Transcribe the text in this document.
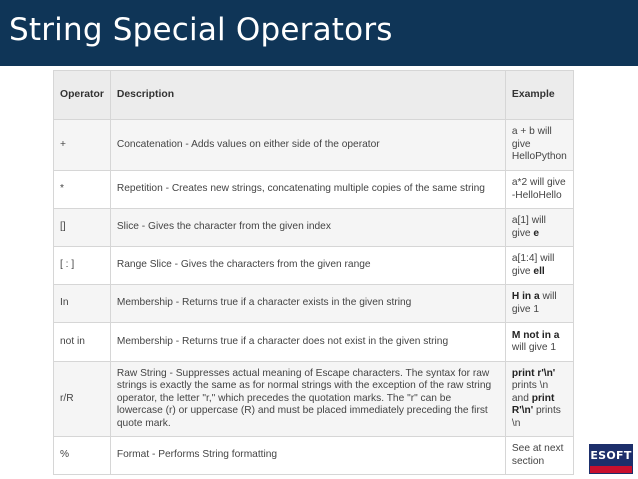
String Special Operators
Operator	Description	Example
+	Concatenation - Adds values on either side of the operator	a + b will give HelloPython
*	Repetition - Creates new strings, concatenating multiple copies of the same string	a*2 will give -HelloHello
[]	Slice - Gives the character from the given index	a[1] will give e
[ : ]	Range Slice - Gives the characters from the given range	a[1:4] will give ell
In	Membership - Returns true if a character exists in the given string	H in a will give 1
not in	Membership - Returns true if a character does not exist in the given string	M not in a will give 1
r/R	Raw String - Suppresses actual meaning of Escape characters. The syntax for raw strings is exactly the same as for normal strings with the exception of the raw string operator, the letter "r," which precedes the quotation marks. The "r" can be lowercase (r) or uppercase (R) and must be placed immediately preceding the first quote mark.	print r'\n' prints \n and print R'\n' prints \n
%	Format - Performs String formatting	See at next section	ESOFT
